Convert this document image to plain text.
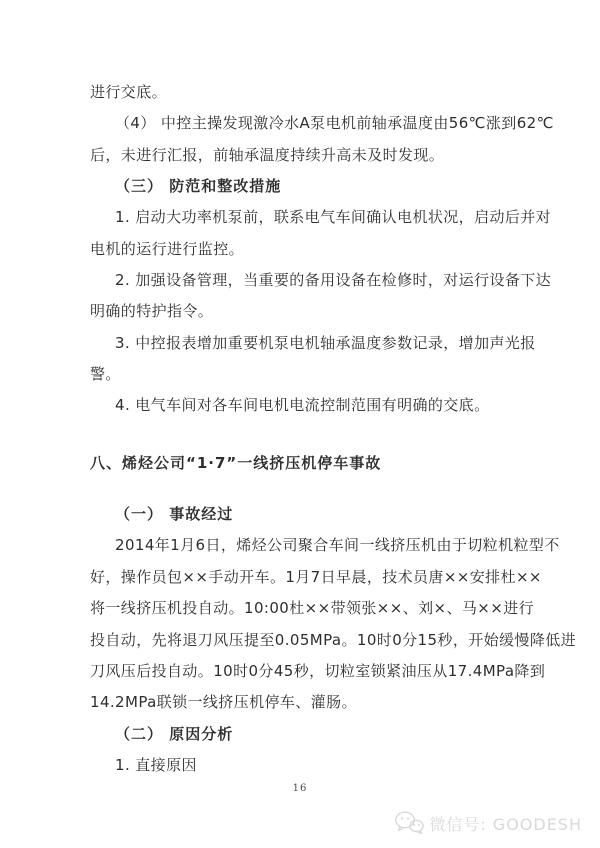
进行交底。
（4） 中控主操发现激冷水A泵电机前轴承温度由56℃涨到62℃
后，未进行汇报，前轴承温度持续升高未及时发现。
（三） 防范和整改措施
1. 启动大功率机泵前，联系电气车间确认电机状况，启动后并对
电机的运行进行监控。
2. 加强设备管理，当重要的备用设备在检修时，对运行设备下达
明确的特护指令。
3. 中控报表增加重要机泵电机轴承温度参数记录，增加声光报
警。
4. 电气车间对各车间电机电流控制范围有明确的交底。
八、烯烃公司“1·7”一线挤压机停车事故
（一） 事故经过
2014年1月6日，烯烃公司聚合车间一线挤压机由于切粒机粒型不
好，操作员包××手动开车。1月7日早晨，技术员唐××安排杜××
将一线挤压机投自动。10:00杜××带领张××、刘×、马××进行
投自动，先将退刀风压提至0.05MPa。10时0分15秒，开始缓慢降低进
刀风压后投自动。10时0分45秒，切粒室锁紧油压从17.4MPa降到
14.2MPa联锁一线挤压机停车、灌肠。
（二） 原因分析
1. 直接原因
16
微信号: GOODESH
